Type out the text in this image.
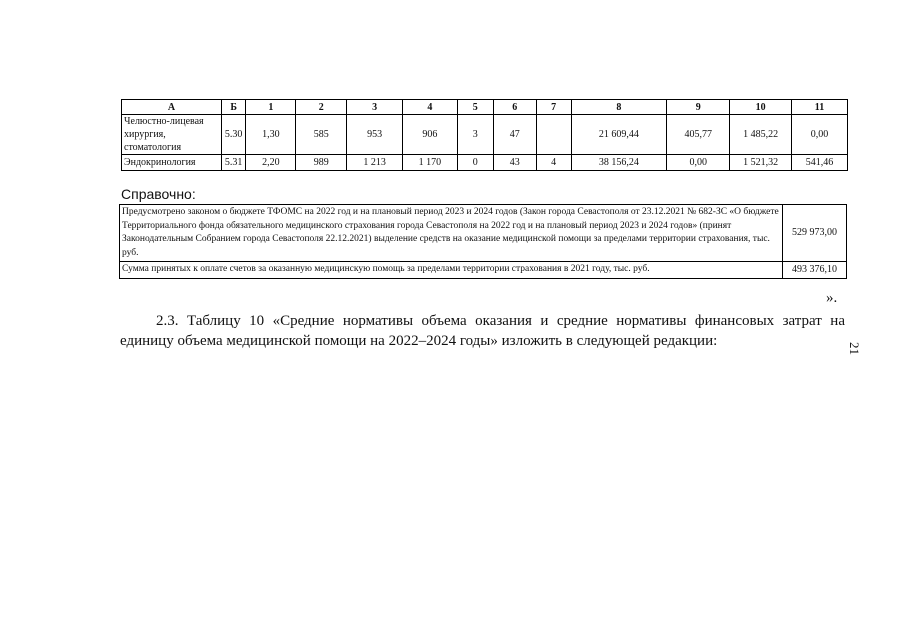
А	Б	1	2	3	4	5	6	7	8	9	10	11
Челюстно-лицевая
хирургия,
стоматология	5.30	1,30	585	953	906	3	47		21 609,44	405,77	1 485,22	0,00
Эндокринология	5.31	2,20	989	1 213	1 170	0	43	4	38 156,24	0,00	1 521,32	541,46
Справочно:
Предусмотрено законом о бюджете ТФОМС на 2022 год и на плановый период 2023 и 2024 годов (Закон города Севастополя от 23.12.2021 № 682-ЗС «О бюджете Территориального фонда обязательного медицинского страхования города Севастополя на 2022 год и на плановый период 2023 и 2024 годов» (принят Законодательным Собранием города Севастополя 22.12.2021) выделение средств на оказание медицинской помощи за пределами территории страхования, тыс. руб.	529 973,00
Сумма принятых к оплате счетов за оказанную медицинскую помощь за пределами территории страхования в 2021 году, тыс. руб.	493 376,10
».
2.3. Таблицу 10 «Средние нормативы объема оказания и средние нормативы финансовых затрат на единицу объема медицинской помощи на 2022–2024 годы» изложить в следующей редакции:	21
